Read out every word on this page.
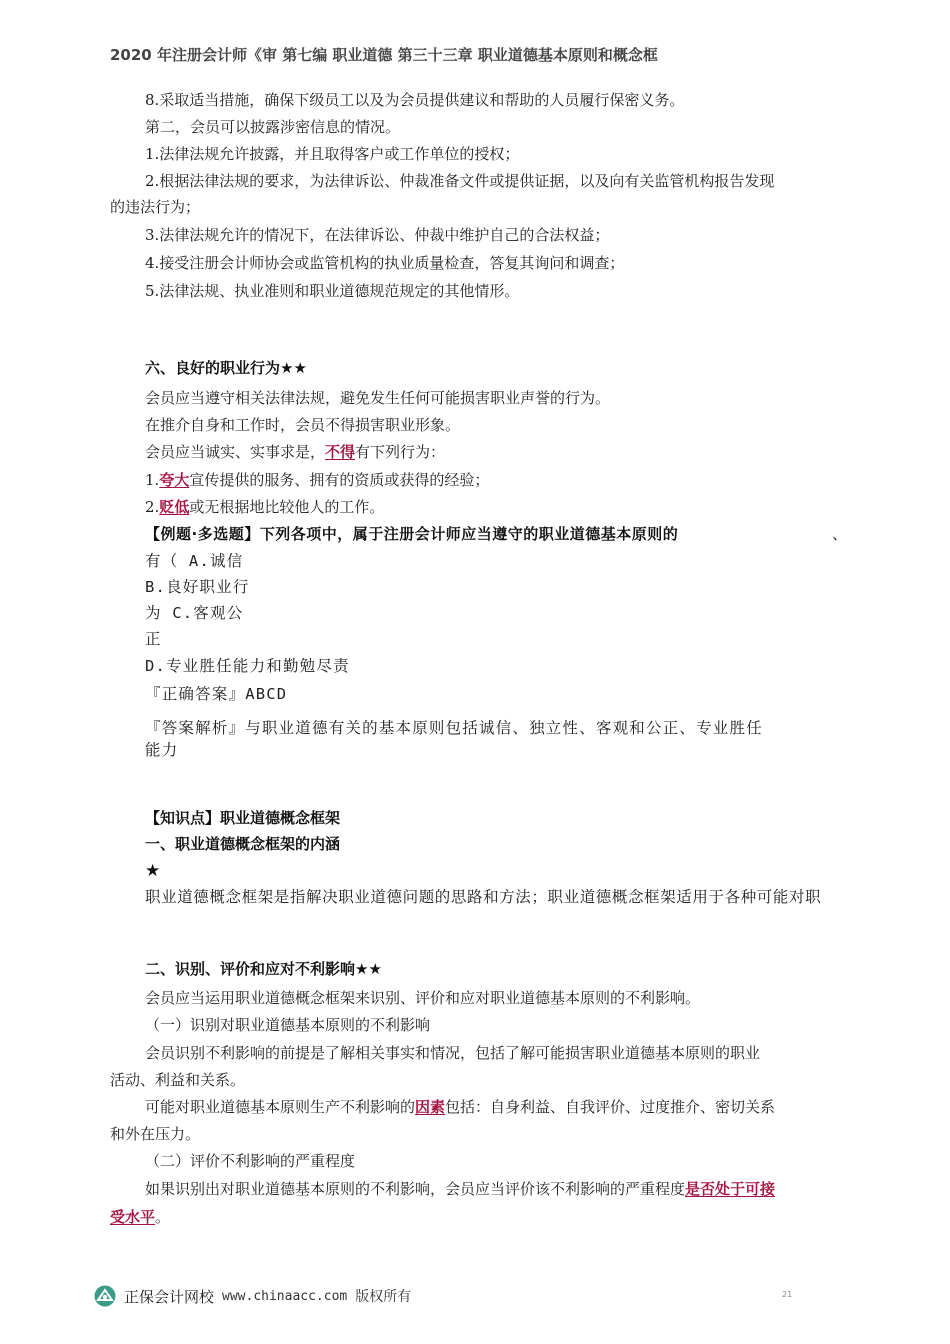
2020 年注册会计师《审 第七编 职业道德 第三十三章 职业道德基本原则和概念框
8.采取适当措施，确保下级员工以及为会员提供建议和帮助的人员履行保密义务。
第二，会员可以披露涉密信息的情况。
1.法律法规允许披露，并且取得客户或工作单位的授权；
2.根据法律法规的要求，为法律诉讼、仲裁准备文件或提供证据，以及向有关监管机构报告发现
的违法行为；
3.法律法规允许的情况下，在法律诉讼、仲裁中维护自己的合法权益；
4.接受注册会计师协会或监管机构的执业质量检查，答复其询问和调查；
5.法律法规、执业准则和职业道德规范规定的其他情形。
六、良好的职业行为★★
会员应当遵守相关法律法规，避免发生任何可能损害职业声誉的行为。
在推介自身和工作时，会员不得损害职业形象。
会员应当诚实、实事求是，不得有下列行为：
1.夸大宣传提供的服务、拥有的资质或获得的经验；
2.贬低或无根据地比较他人的工作。
【例题·多选题】下列各项中，属于注册会计师应当遵守的职业道德基本原则的	、
有（ A.诚信
B.良好职业行
为 C.客观公
正
D.专业胜任能力和勤勉尽责
『正确答案』ABCD
『答案解析』与职业道德有关的基本原则包括诚信、独立性、客观和公正、专业胜任
能力
【知识点】职业道德概念框架
一、职业道德概念框架的内涵
★
职业道德概念框架是指解决职业道德问题的思路和方法；职业道德概念框架适用于各种可能对职
二、识别、评价和应对不利影响★★
会员应当运用职业道德概念框架来识别、评价和应对职业道德基本原则的不利影响。
（一）识别对职业道德基本原则的不利影响
会员识别不利影响的前提是了解相关事实和情况，包括了解可能损害职业道德基本原则的职业
活动、利益和关系。
可能对职业道德基本原则生产不利影响的因素包括：自身利益、自我评价、过度推介、密切关系
和外在压力。
（二）评价不利影响的严重程度
如果识别出对职业道德基本原则的不利影响，会员应当评价该不利影响的严重程度是否处于可接
受水平。
正保会计网校 www.chinaacc.com 版权所有	21
